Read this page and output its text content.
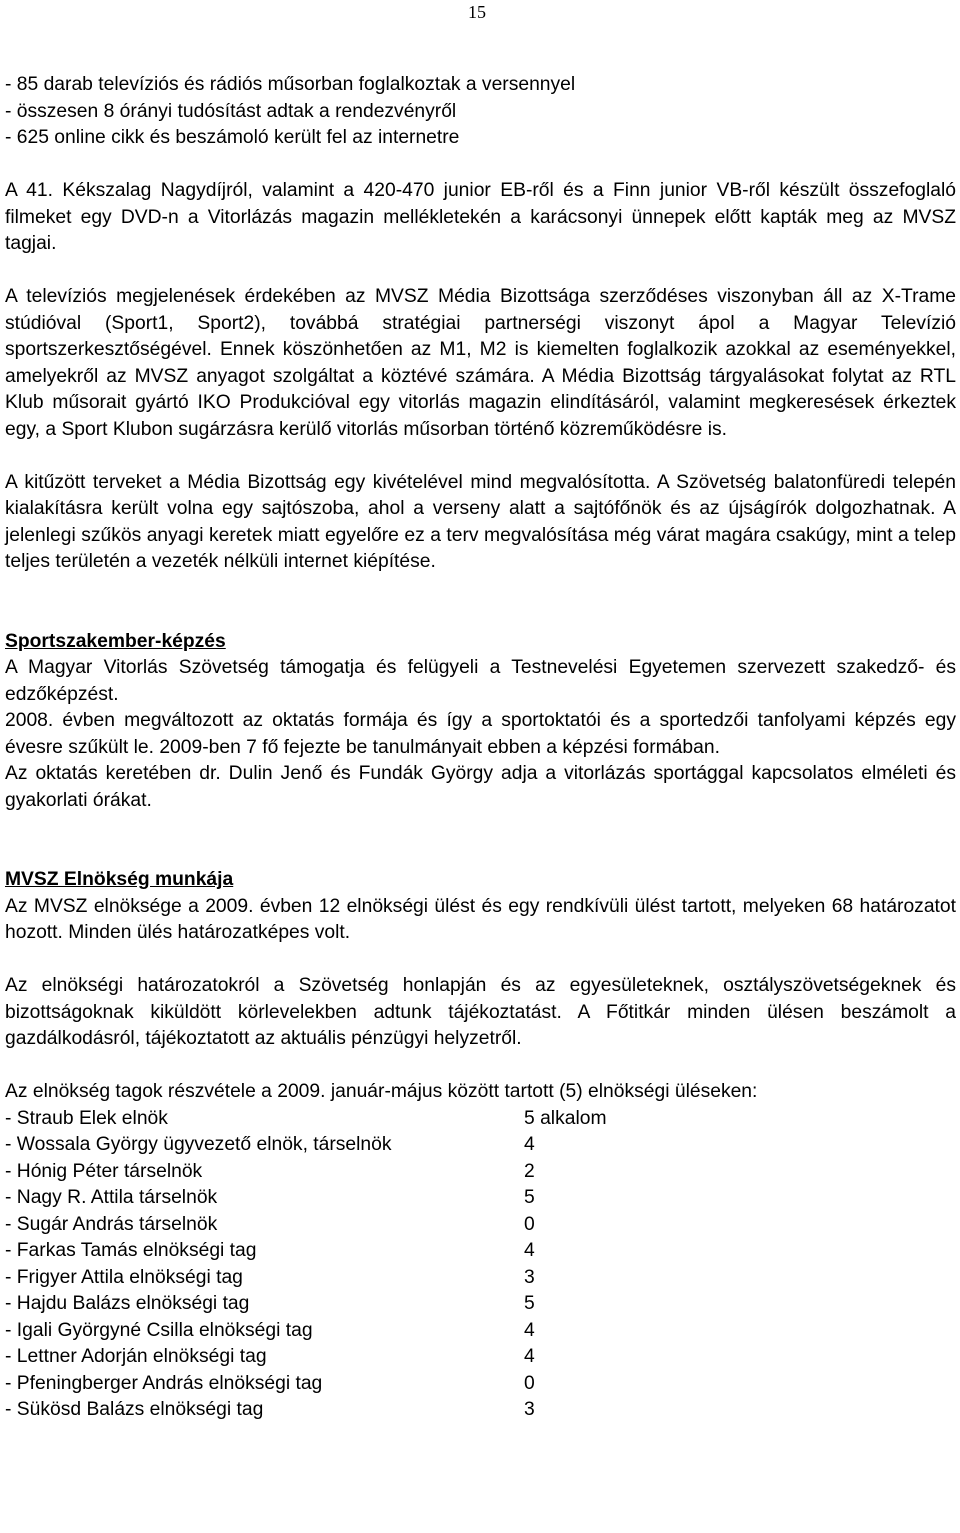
15

- 85 darab televíziós és rádiós műsorban foglalkoztak a versennyel

- összesen 8 órányi tudósítást adtak a rendezvényről

- 625 online cikk és beszámoló került fel az internetre

A 41. Kékszalag Nagydíjról, valamint a 420-470 junior EB-ről és a Finn junior VB-ről készült összefoglaló filmeket egy DVD-n a Vitorlázás magazin mellékletekén a karácsonyi ünnepek előtt kapták meg az MVSZ tagjai.

A televíziós megjelenések érdekében az MVSZ Média Bizottsága szerződéses viszonyban áll az X-Trame stúdióval (Sport1, Sport2), továbbá stratégiai partnerségi viszonyt ápol a Magyar Televízió sportszerkesztőségével. Ennek köszönhetően az M1, M2 is kiemelten foglalkozik azokkal az eseményekkel, amelyekről az MVSZ anyagot szolgáltat a köztévé számára. A Média Bizottság tárgyalásokat folytat az RTL Klub műsorait gyártó IKO Produkcióval egy vitorlás magazin elindításáról, valamint megkeresések érkeztek egy, a Sport Klubon sugárzásra kerülő vitorlás műsorban történő közreműködésre is.

A kitűzött terveket a Média Bizottság egy kivételével mind megvalósította. A Szövetség balatonfüredi telepén kialakításra került volna egy sajtószoba, ahol a verseny alatt a sajtófőnök és az újságírók dolgozhatnak. A jelenlegi szűkös anyagi keretek miatt egyelőre ez a terv megvalósítása még várat magára csakúgy, mint a telep teljes területén a vezeték nélküli internet kiépítése.

Sportszakember-képzés

A Magyar Vitorlás Szövetség támogatja és felügyeli a Testnevelési Egyetemen szervezett szakedző- és edzőképzést.

2008. évben megváltozott az oktatás formája és így a sportoktatói és a sportedzői tanfolyami képzés egy évesre szűkült le. 2009-ben 7 fő fejezte be tanulmányait ebben a képzési formában.

Az oktatás keretében dr. Dulin Jenő és Fundák György adja a vitorlázás sportággal kapcsolatos elméleti és gyakorlati órákat.

MVSZ Elnökség munkája

Az MVSZ elnöksége a 2009. évben 12 elnökségi ülést és egy rendkívüli ülést tartott, melyeken 68 határozatot hozott. Minden ülés határozatképes volt.

Az elnökségi határozatokról a Szövetség honlapján és az egyesületeknek, osztályszövetségeknek és bizottságoknak kiküldött körlevelekben adtunk tájékoztatást. A Főtitkár minden ülésen beszámolt a gazdálkodásról, tájékoztatott az aktuális pénzügyi helyzetről.

Az elnökség tagok részvétele a 2009. január-május között tartott (5) elnökségi üléseken:

- Straub Elek elnök	5 alkalom
- Wossala György ügyvezető elnök, társelnök	4
- Hónig Péter társelnök	2
- Nagy R. Attila társelnök	5
- Sugár András társelnök	0
- Farkas Tamás elnökségi tag	4
- Frigyer Attila elnökségi tag	3
- Hajdu Balázs elnökségi tag	5
- Igali Györgyné Csilla elnökségi tag	4
- Lettner Adorján elnökségi tag	4
- Pfeningberger András elnökségi tag	0
- Sükösd Balázs elnökségi tag	3
